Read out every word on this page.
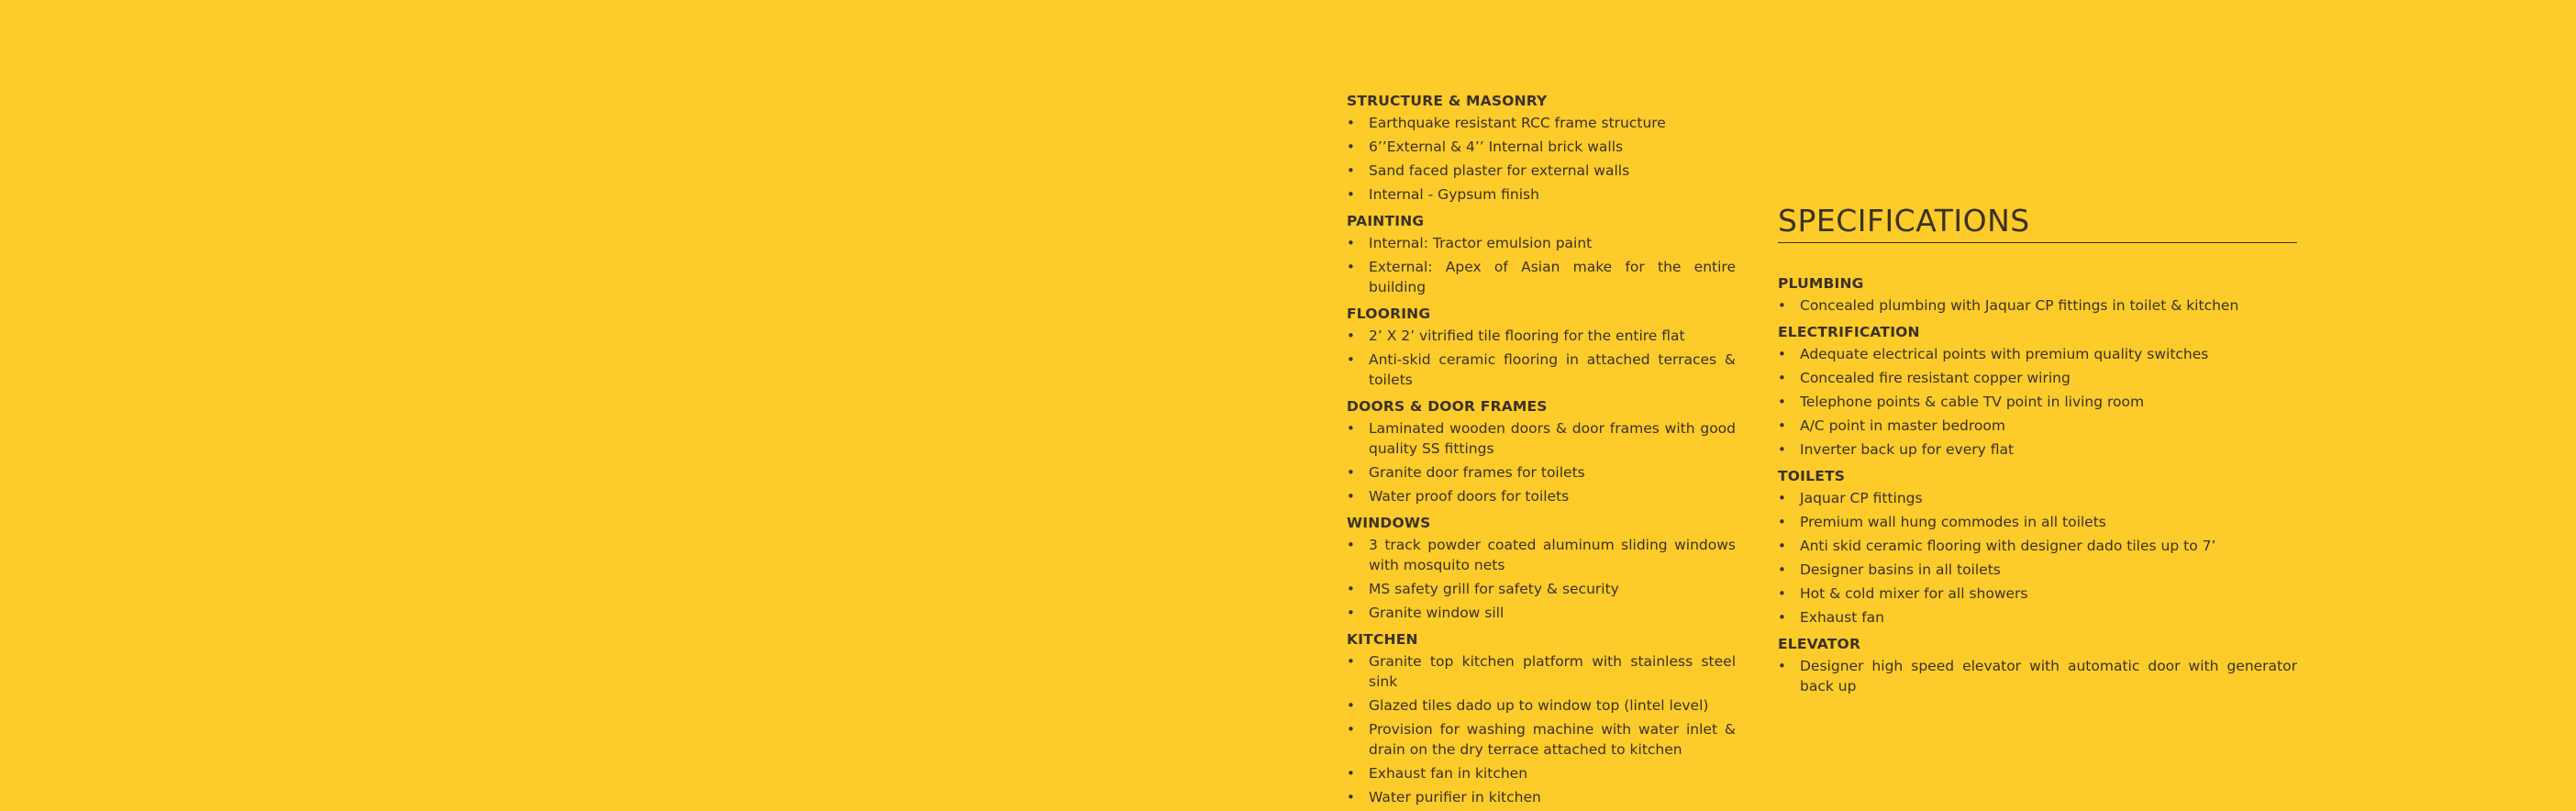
STRUCTURE & MASONRY
• Earthquake resistant RCC frame structure
• 6’’External & 4’’ Internal brick walls
• Sand faced plaster for external walls
• Internal - Gypsum finish
PAINTING
• Internal: Tractor emulsion paint
• External: Apex of Asian make for the entire building
FLOORING
• 2’ X 2’ vitrified tile flooring for the entire flat
• Anti-skid ceramic flooring in attached terraces & toilets
DOORS & DOOR FRAMES
• Laminated wooden doors & door frames with good quality SS fittings
• Granite door frames for toilets
• Water proof doors for toilets
WINDOWS
• 3 track powder coated aluminum sliding windows with mosquito nets
• MS safety grill for safety & security
• Granite window sill
KITCHEN
• Granite top kitchen platform with stainless steel sink
• Glazed tiles dado up to window top (lintel level)
• Provision for washing machine with water inlet & drain on the dry terrace attached to kitchen
• Exhaust fan in kitchen
• Water purifier in kitchen
SPECIFICATIONS
PLUMBING
• Concealed plumbing with Jaquar CP fittings in toilet & kitchen
ELECTRIFICATION
• Adequate electrical points with premium quality switches
• Concealed fire resistant copper wiring
• Telephone points & cable TV point in living room
• A/C point in master bedroom
• Inverter back up for every flat
TOILETS
• Jaquar CP fittings
• Premium wall hung commodes in all toilets
• Anti skid ceramic flooring with designer dado tiles up to 7’
• Designer basins in all toilets
• Hot & cold mixer for all showers
• Exhaust fan
ELEVATOR
• Designer high speed elevator with automatic door with generator back up
